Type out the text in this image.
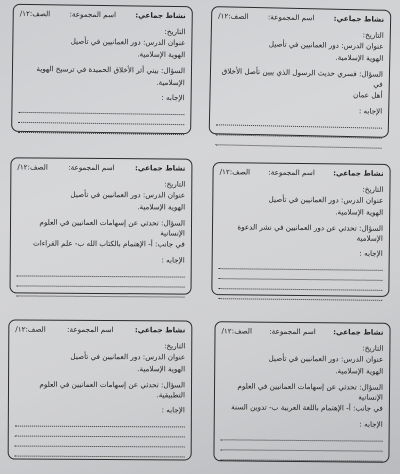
نشاط جماعي:
اسم المجموعة:
الصف:١٢/
التاريخ:
عنوان الدرس: دور العمانيين في تأصيل
الهوية الإسلامية.
السؤال: فسري حديث الرسول الذي يبين تأصل الأخلاق في
أهل عمان
الإجابه :
نشاط جماعي:
اسم المجموعة:
الصف:١٢/
التاريخ:
عنوان الدرس: دور العمانيين في تأصيل
الهوية الإسلامية.
السؤال: بيني أثر الأخلاق الحميدة في ترسيخ الهوية
الإسلامية.
الإجابه :
نشاط جماعي:
اسم المجموعة:
الصف:١٢/
التاريخ:
عنوان الدرس: دور العمانيين في تأصيل
الهوية الإسلامية.
السؤال: تحدثي عن دور العمانيين في نشر الدعوة الإسلامية
الإجابه :
نشاط جماعي:
اسم المجموعة:
الصف:١٢/
التاريخ:
عنوان الدرس: دور العمانيين في تأصيل
الهوية الإسلامية.
السؤال: تحدثي عن إسهامات العمانيين في العلوم الإنسانية
في جانب: أ- الإهتمام بالكتاب الله ب- علم القراءات
الإجابه :
نشاط جماعي:
اسم المجموعة:
الصف:١٢/
التاريخ:
عنوان الدرس: دور العمانيين في تأصيل
الهوية الإسلامية.
السؤال: تحدثي عن إسهامات العمانيين في العلوم الإنسانية
في جانب: أ- الإهتمام باللغة العربية ب- تدوين السنة
الإجابه :
نشاط جماعي:
اسم المجموعة:
الصف:١٢/
التاريخ:
عنوان الدرس: دور العمانيين في تأصيل
الهوية الإسلامية.
السؤال: تحدثي عن إسهامات العمانيين في العلوم التطبيقية.
الإجابه :
